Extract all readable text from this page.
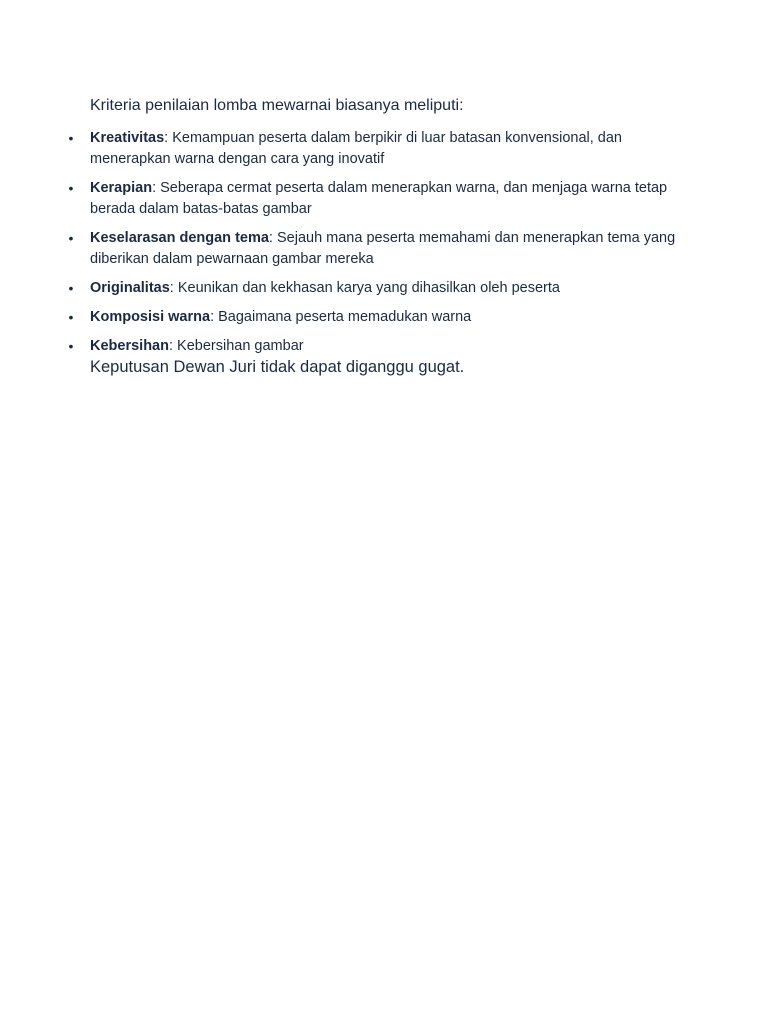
Kriteria penilaian lomba mewarnai biasanya meliputi:

• Kreativitas: Kemampuan peserta dalam berpikir di luar batasan konvensional, dan menerapkan warna dengan cara yang inovatif
• Kerapian: Seberapa cermat peserta dalam menerapkan warna, dan menjaga warna tetap berada dalam batas-batas gambar
• Keselarasan dengan tema: Sejauh mana peserta memahami dan menerapkan tema yang diberikan dalam pewarnaan gambar mereka
• Originalitas: Keunikan dan kekhasan karya yang dihasilkan oleh peserta
• Komposisi warna: Bagaimana peserta memadukan warna
• Kebersihan: Kebersihan gambar

Keputusan Dewan Juri tidak dapat diganggu gugat.
